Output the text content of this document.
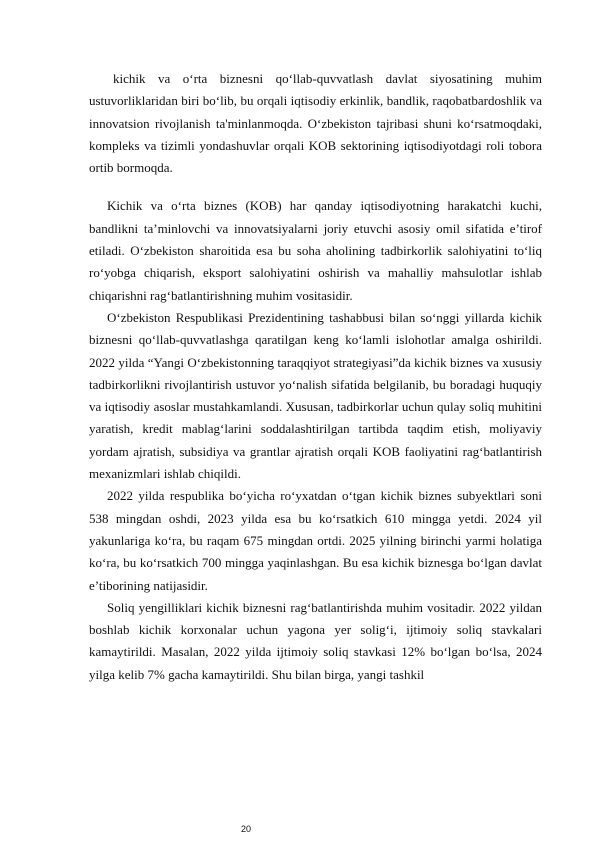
kichik va o‘rta biznesni qo‘llab-quvvatlash davlat siyosatining muhim ustuvorliklaridan biri bo‘lib, bu orqali iqtisodiy erkinlik, bandlik, raqobatbardoshlik va innovatsion rivojlanish ta'minlanmoqda. O‘zbekiston tajribasi shuni ko‘rsatmoqdaki, kompleks va tizimli yondashuvlar orqali KOB sektorining iqtisodiyotdagi roli tobora ortib bormoqda.

Kichik va o‘rta biznes (KOB) har qanday iqtisodiyotning harakatchi kuchi, bandlikni ta’minlovchi va innovatsiyalarni joriy etuvchi asosiy omil sifatida e’tirof etiladi. O‘zbekiston sharoitida esa bu soha aholining tadbirkorlik salohiyatini to‘liq ro‘yobga chiqarish, eksport salohiyatini oshirish va mahalliy mahsulotlar ishlab chiqarishni rag‘batlantirishning muhim vositasidir.

O‘zbekiston Respublikasi Prezidentining tashabbusi bilan so‘nggi yillarda kichik biznesni qo‘llab-quvvatlashga qaratilgan keng ko‘lamli islohotlar amalga oshirildi. 2022 yilda “Yangi O‘zbekistonning taraqqiyot strategiyasi”da kichik biznes va xususiy tadbirkorlikni rivojlantirish ustuvor yo‘nalish sifatida belgilanib, bu boradagi huquqiy va iqtisodiy asoslar mustahkamlandi. Xususan, tadbirkorlar uchun qulay soliq muhitini yaratish, kredit mablag‘larini soddalashtirilgan tartibda taqdim etish, moliyaviy yordam ajratish, subsidiya va grantlar ajratish orqali KOB faoliyatini rag‘batlantirish mexanizmlari ishlab chiqildi.

2022 yilda respublika bo‘yicha ro‘yxatdan o‘tgan kichik biznes subyektlari soni 538 mingdan oshdi, 2023 yilda esa bu ko‘rsatkich 610 mingga yetdi. 2024 yil yakunlariga ko‘ra, bu raqam 675 mingdan ortdi. 2025 yilning birinchi yarmi holatiga ko‘ra, bu ko‘rsatkich 700 mingga yaqinlashgan. Bu esa kichik biznesga bo‘lgan davlat e’tiborining natijasidir.

Soliq yengilliklari kichik biznesni rag‘batlantirishda muhim vositadir. 2022 yildan boshlab kichik korxonalar uchun yagona yer solig‘i, ijtimoiy soliq stavkalari kamaytirildi. Masalan, 2022 yilda ijtimoiy soliq stavkasi 12% bo‘lgan bo‘lsa, 2024 yilga kelib 7% gacha kamaytirildi. Shu bilan birga, yangi tashkil

20
